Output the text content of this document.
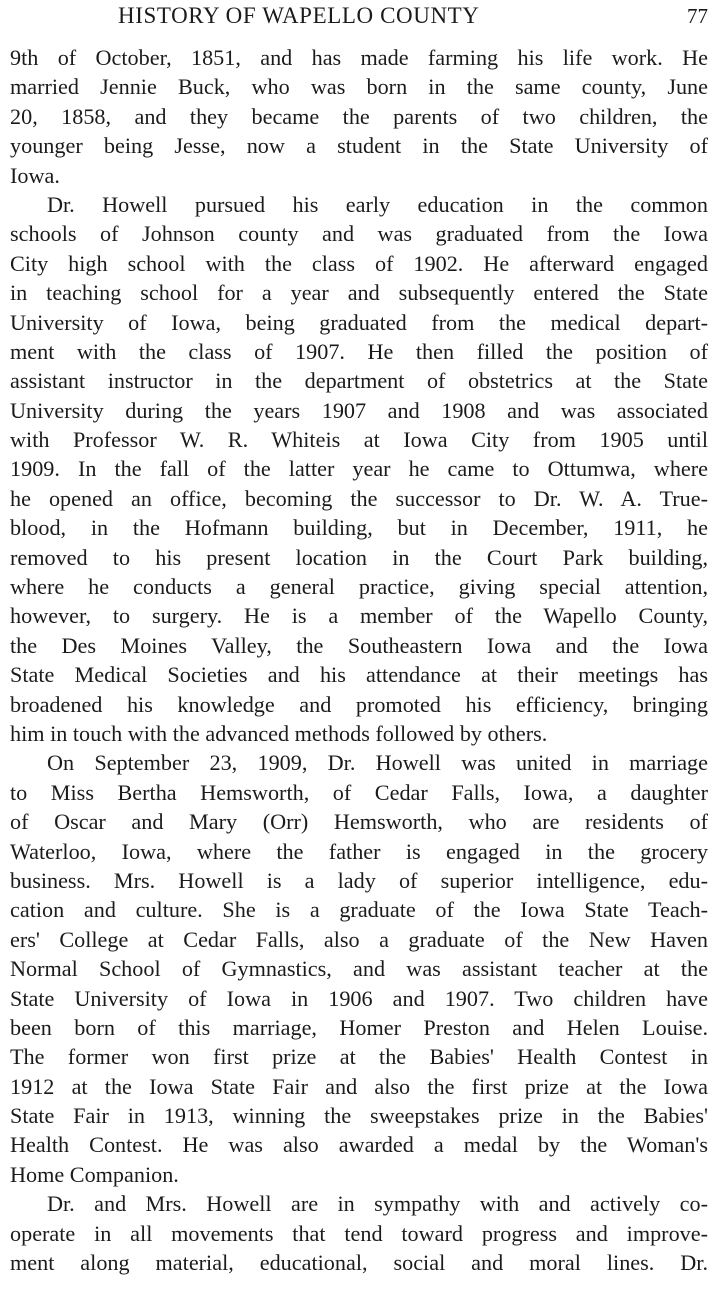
HISTORY OF WAPELLO COUNTY	77
9th of October, 1851, and has made farming his life work. He
married Jennie Buck, who was born in the same county, June
20, 1858, and they became the parents of two children, the
younger being Jesse, now a student in the State University of
Iowa.
Dr. Howell pursued his early education in the common
schools of Johnson county and was graduated from the Iowa
City high school with the class of 1902. He afterward engaged
in teaching school for a year and subsequently entered the State
University of Iowa, being graduated from the medical depart-
ment with the class of 1907. He then filled the position of
assistant instructor in the department of obstetrics at the State
University during the years 1907 and 1908 and was associated
with Professor W. R. Whiteis at Iowa City from 1905 until
1909. In the fall of the latter year he came to Ottumwa, where
he opened an office, becoming the successor to Dr. W. A. True-
blood, in the Hofmann building, but in December, 1911, he
removed to his present location in the Court Park building,
where he conducts a general practice, giving special attention,
however, to surgery. He is a member of the Wapello County,
the Des Moines Valley, the Southeastern Iowa and the Iowa
State Medical Societies and his attendance at their meetings has
broadened his knowledge and promoted his efficiency, bringing
him in touch with the advanced methods followed by others.
On September 23, 1909, Dr. Howell was united in marriage
to Miss Bertha Hemsworth, of Cedar Falls, Iowa, a daughter
of Oscar and Mary (Orr) Hemsworth, who are residents of
Waterloo, Iowa, where the father is engaged in the grocery
business. Mrs. Howell is a lady of superior intelligence, edu-
cation and culture. She is a graduate of the Iowa State Teach-
ers' College at Cedar Falls, also a graduate of the New Haven
Normal School of Gymnastics, and was assistant teacher at the
State University of Iowa in 1906 and 1907. Two children have
been born of this marriage, Homer Preston and Helen Louise.
The former won first prize at the Babies' Health Contest in
1912 at the Iowa State Fair and also the first prize at the Iowa
State Fair in 1913, winning the sweepstakes prize in the Babies'
Health Contest. He was also awarded a medal by the Woman's
Home Companion.
Dr. and Mrs. Howell are in sympathy with and actively co-
operate in all movements that tend toward progress and improve-
ment along material, educational, social and moral lines. Dr.
